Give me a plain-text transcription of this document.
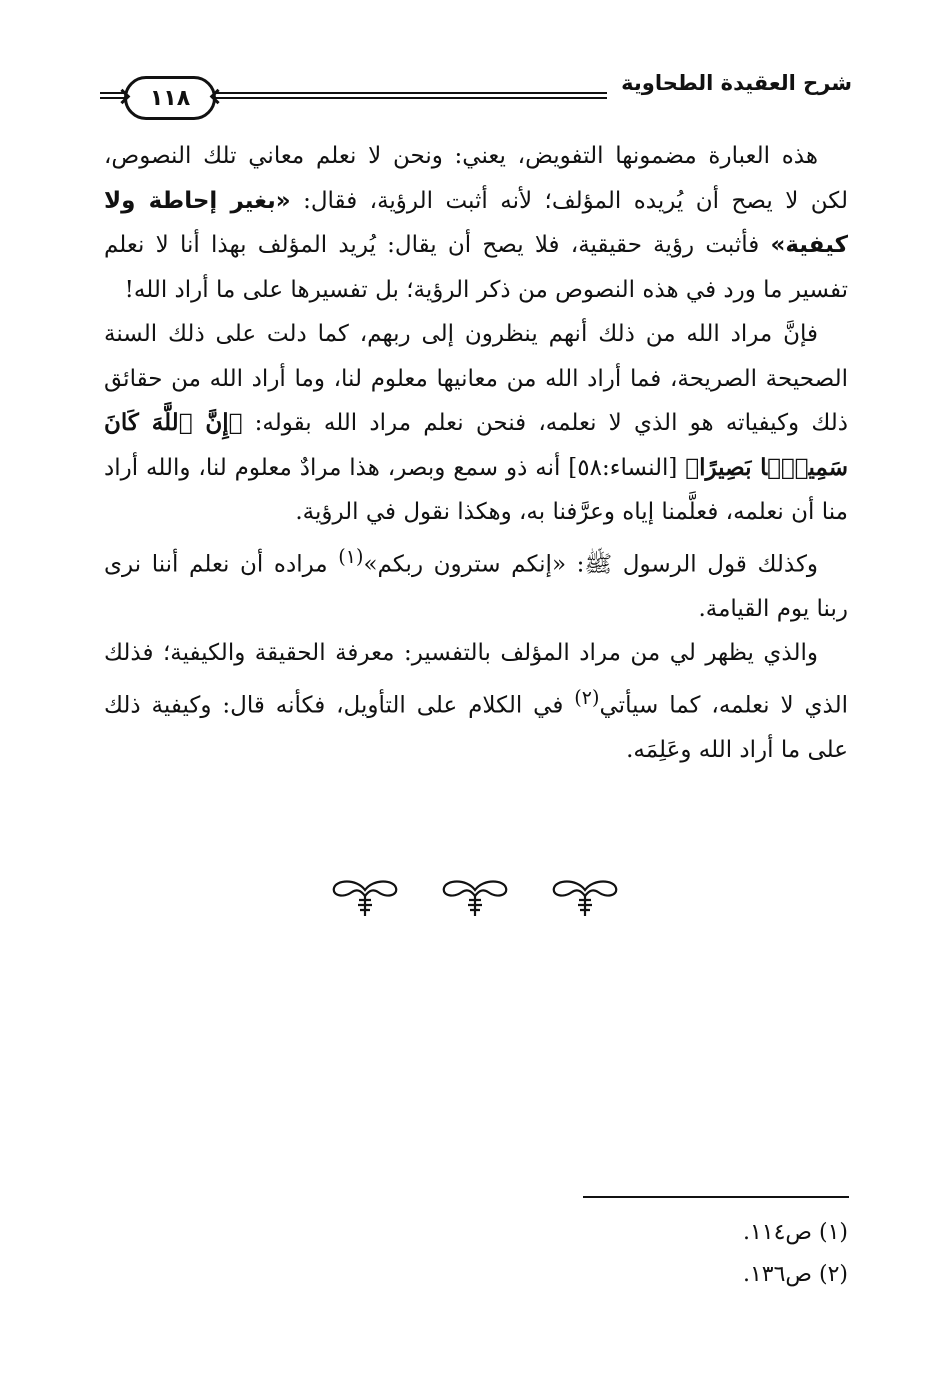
شرح العقيدة الطحاوية
١١٨

هذه العبارة مضمونها التفويض، يعني: ونحن لا نعلم معاني تلك النصوص، لكن لا يصح أن يُريده المؤلف؛ لأنه أثبت الرؤية، فقال: «بغير إحاطة ولا كيفية» فأثبت رؤية حقيقية، فلا يصح أن يقال: يُريد المؤلف بهذا أنا لا نعلم تفسير ما ورد في هذه النصوص من ذكر الرؤية؛ بل تفسيرها على ما أراد الله!

فإنَّ مراد الله من ذلك أنهم ينظرون إلى ربهم، كما دلت على ذلك السنة الصحيحة الصريحة، فما أراد الله من معانيها معلوم لنا، وما أراد الله من حقائق ذلك وكيفياته هو الذي لا نعلمه، فنحن نعلم مراد الله بقوله: ﴿إِنَّ ٱللَّهَ كَانَ سَمِيعًۢا بَصِيرًا﴾ [النساء:٥٨] أنه ذو سمع وبصر، هذا مرادٌ معلوم لنا، والله أراد منا أن نعلمه، فعلَّمنا إياه وعرَّفنا به، وهكذا نقول في الرؤية.

وكذلك قول الرسول ﷺ: «إنكم سترون ربكم»$^{(١)}$ مراده أن نعلم أننا نرى ربنا يوم القيامة.

والذي يظهر لي من مراد المؤلف بالتفسير: معرفة الحقيقة والكيفية؛ فذلك الذي لا نعلمه، كما سيأتي$^{(٢)}$ في الكلام على التأويل، فكأنه قال: وكيفية ذلك على ما أراد الله وعَلِمَه.

(١) ص١١٤.
(٢) ص١٣٦.
